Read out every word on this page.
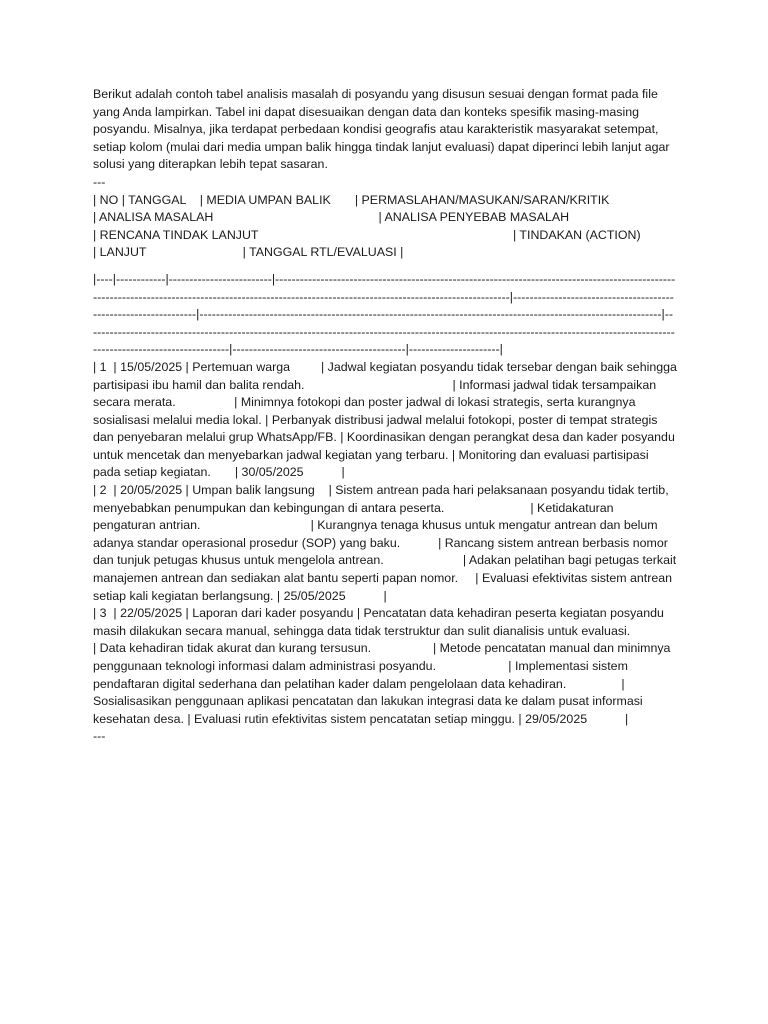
Berikut adalah contoh tabel analisis masalah di posyandu yang disusun sesuai dengan format pada file yang Anda lampirkan. Tabel ini dapat disesuaikan dengan data dan konteks spesifik masing-masing posyandu. Misalnya, jika terdapat perbedaan kondisi geografis atau karakteristik masyarakat setempat, setiap kolom (mulai dari media umpan balik hingga tindak lanjut evaluasi) dapat diperinci lebih lanjut agar solusi yang diterapkan lebih tepat sasaran.

---

| NO | TANGGAL    | MEDIA UMPAN BALIK       | PERMASLAHAN/MASUKAN/SARAN/KRITIK

| ANALISA MASALAH                                                | ANALISA PENYEBAB MASALAH

| RENCANA TINDAK LANJUT                                                                          | TINDAKAN (ACTION)

| LANJUT                            | TANGGAL RTL/EVALUASI |

|----|------------|-------------------------|------------------------------------------------------------------------------------------------------------------------------------------------------------------------------------------------------|----------------------------------------------------------------|----------------------------------------------------------------------------------------------------------------|--------------------------------------------------------------------------------------------------------------------------------------------------------------------------------|------------------------------------------|----------------------|

| 1  | 15/05/2025 | Pertemuan warga         | Jadwal kegiatan posyandu tidak tersebar dengan baik sehingga partisipasi ibu hamil dan balita rendah.                                           | Informasi jadwal tidak tersampaikan secara merata.                 | Minimnya fotokopi dan poster jadwal di lokasi strategis, serta kurangnya sosialisasi melalui media lokal. | Perbanyak distribusi jadwal melalui fotokopi, poster di tempat strategis dan penyebaran melalui grup WhatsApp/FB. | Koordinasikan dengan perangkat desa dan kader posyandu untuk mencetak dan menyebarkan jadwal kegiatan yang terbaru. | Monitoring dan evaluasi partisipasi pada setiap kegiatan.       | 30/05/2025           |

| 2  | 20/05/2025 | Umpan balik langsung    | Sistem antrean pada hari pelaksanaan posyandu tidak tertib, menyebabkan penumpukan dan kebingungan di antara peserta.                         | Ketidakaturan pengaturan antrian.                                | Kurangnya tenaga khusus untuk mengatur antrean dan belum adanya standar operasional prosedur (SOP) yang baku.           | Rancang sistem antrean berbasis nomor dan tunjuk petugas khusus untuk mengelola antrean.                       | Adakan pelatihan bagi petugas terkait manajemen antrean dan sediakan alat bantu seperti papan nomor.     | Evaluasi efektivitas sistem antrean setiap kali kegiatan berlangsung. | 25/05/2025           |

| 3  | 22/05/2025 | Laporan dari kader posyandu | Pencatatan data kehadiran peserta kegiatan posyandu masih dilakukan secara manual, sehingga data tidak terstruktur dan sulit dianalisis untuk evaluasi.               | Data kehadiran tidak akurat dan kurang tersusun.                  | Metode pencatatan manual dan minimnya penggunaan teknologi informasi dalam administrasi posyandu.                     | Implementasi sistem pendaftaran digital sederhana dan pelatihan kader dalam pengelolaan data kehadiran.                | Sosialisasikan penggunaan aplikasi pencatatan dan lakukan integrasi data ke dalam pusat informasi kesehatan desa. | Evaluasi rutin efektivitas sistem pencatatan setiap minggu. | 29/05/2025           |

---
